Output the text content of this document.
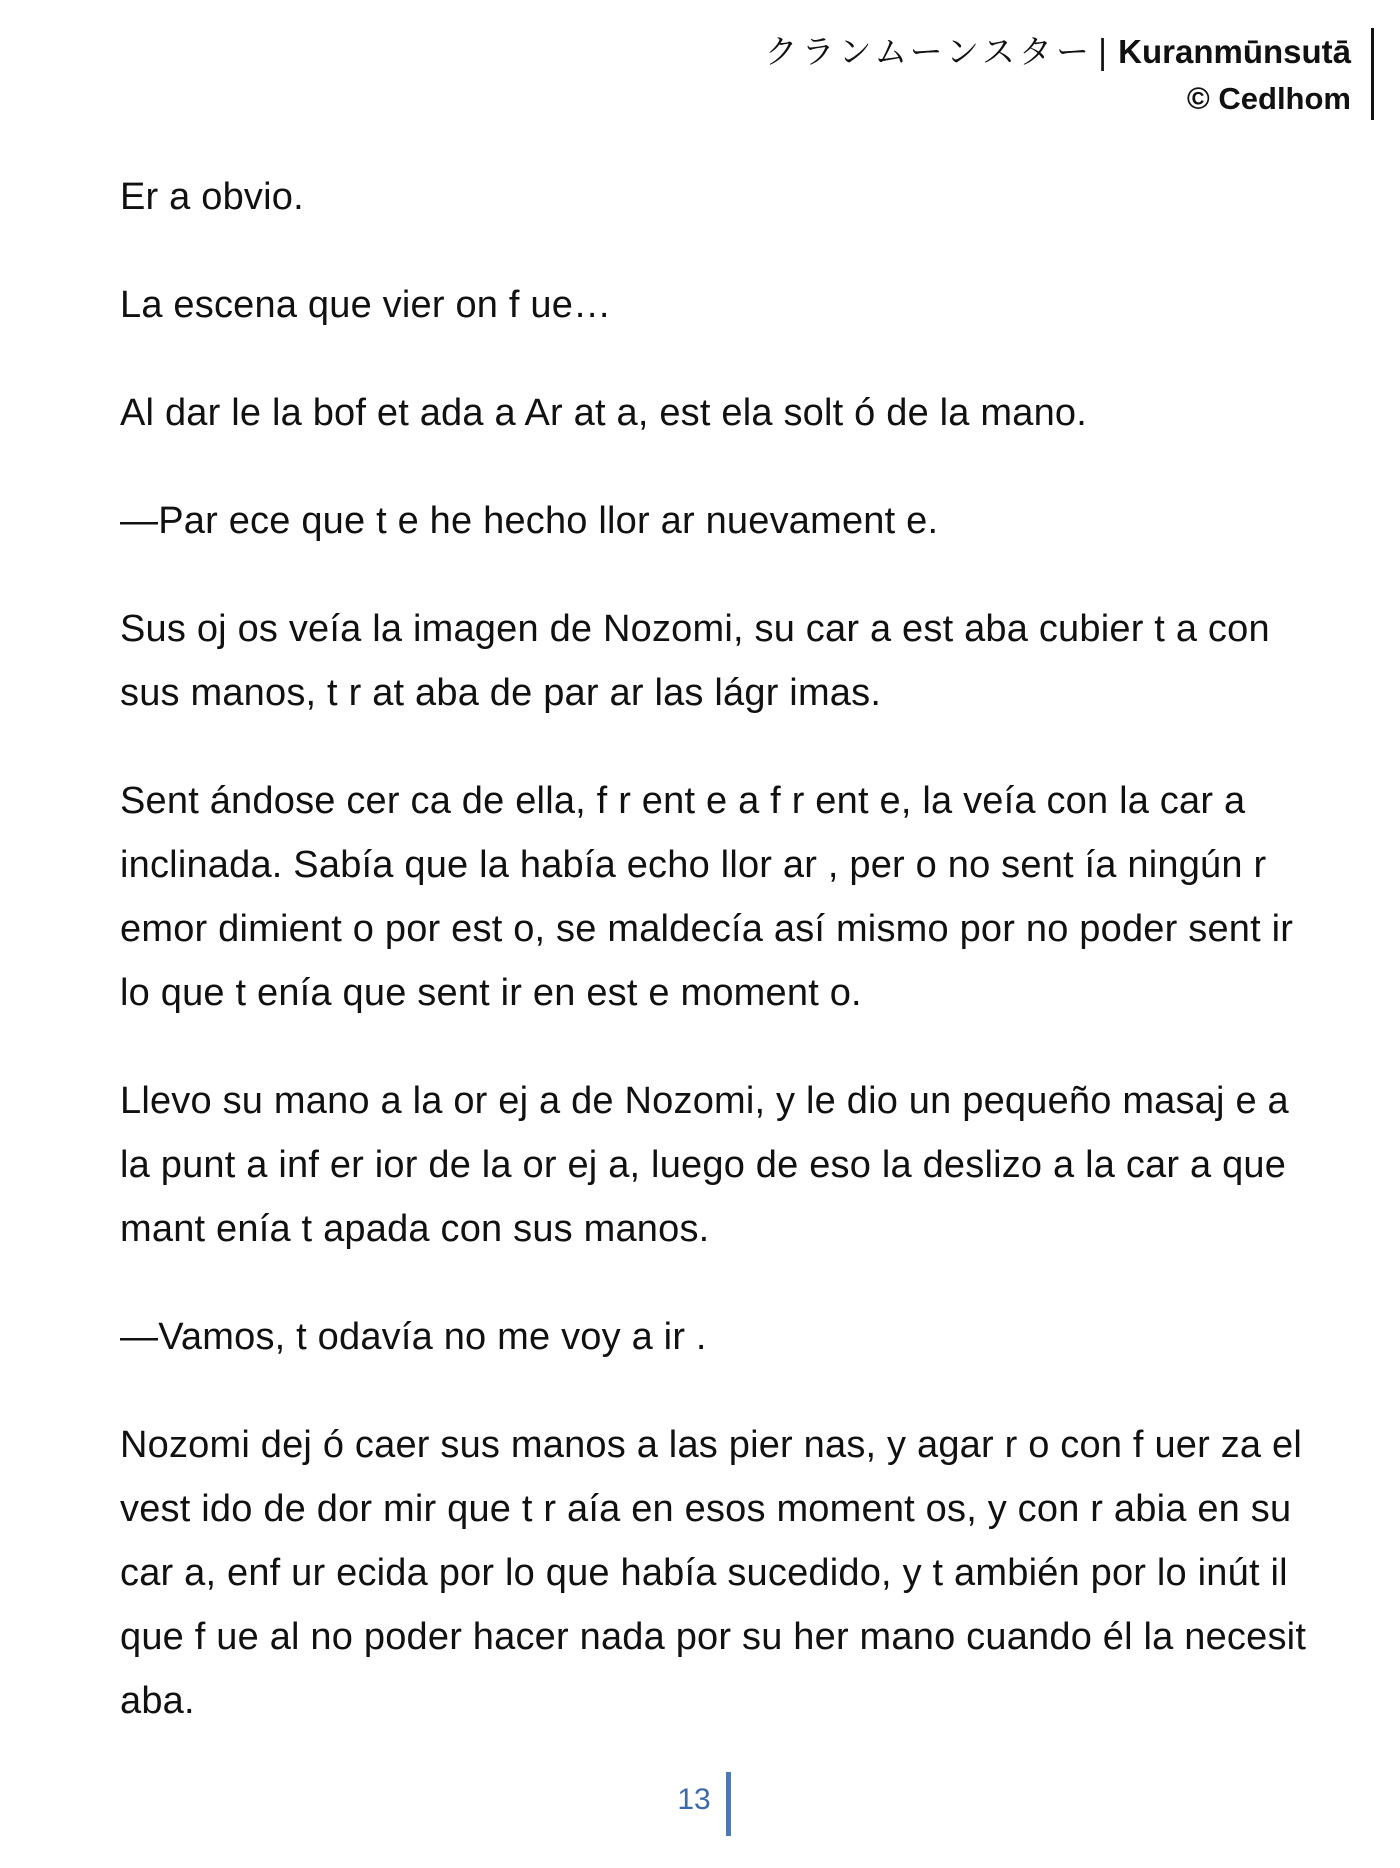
クランムーンスター | Kuranmūnsutā
© Cedlhom

Er a obvio.

La escena que vier on f ue…

Al dar le la bof et ada a Ar at a, est ela solt ó de la mano.

—Par ece que t e he hecho llor ar nuevament e.

Sus oj os veía la imagen de Nozomi, su car a est aba cubier t a con sus manos, t r at aba de par ar las lágr imas.

Sent ándose cer ca de ella, f r ent e a f r ent e, la veía con la car a inclinada. Sabía que la había echo llor ar , per o no sent ía ningún r emor dimient o por est o, se maldecía así mismo por no poder sent ir lo que t enía que sent ir en est e moment o.

Llevo su mano a la or ej a de Nozomi, y le dio un pequeño masaj e a la punt a inf er ior de la or ej a, luego de eso la deslizo a la car a que mant enía t apada con sus manos.

—Vamos, t odavía no me voy a ir .

Nozomi dej ó caer sus manos a las pier nas, y agar r o con f uer za el vest ido de dor mir que t r aía en esos moment os, y con r abia en su car a, enf ur ecida por lo que había sucedido, y t ambién por lo inút il que f ue al no poder hacer nada por su her mano cuando él la necesit aba.

13
